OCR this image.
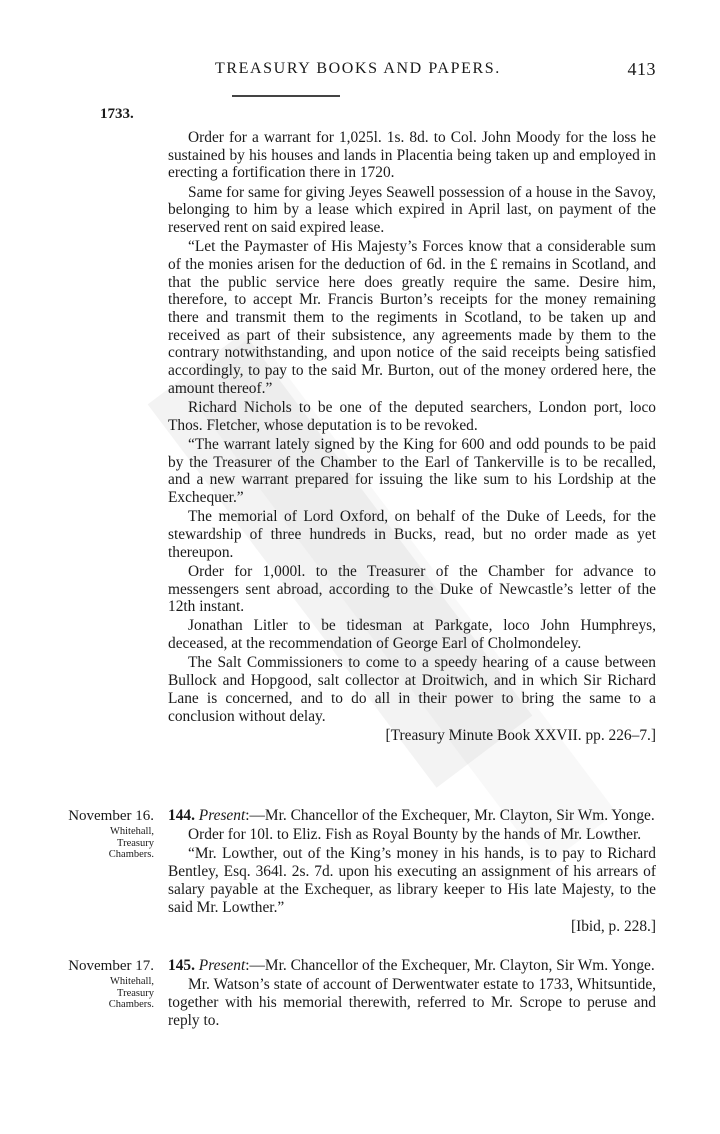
TREASURY BOOKS AND PAPERS.	413
1733.

Order for a warrant for 1,025l. 1s. 8d. to Col. John Moody for the loss he sustained by his houses and lands in Placentia being taken up and employed in erecting a fortification there in 1720.

Same for same for giving Jeyes Seawell possession of a house in the Savoy, belonging to him by a lease which expired in April last, on payment of the reserved rent on said expired lease.

“Let the Paymaster of His Majesty’s Forces know that a considerable sum of the monies arisen for the deduction of 6d. in the £ remains in Scotland, and that the public service here does greatly require the same. Desire him, therefore, to accept Mr. Francis Burton’s receipts for the money remaining there and transmit them to the regiments in Scotland, to be taken up and received as part of their subsistence, any agreements made by them to the contrary notwithstanding, and upon notice of the said receipts being satisfied accordingly, to pay to the said Mr. Burton, out of the money ordered here, the amount thereof.”

Richard Nichols to be one of the deputed searchers, London port, loco Thos. Fletcher, whose deputation is to be revoked.

“The warrant lately signed by the King for 600 and odd pounds to be paid by the Treasurer of the Chamber to the Earl of Tankerville is to be recalled, and a new warrant prepared for issuing the like sum to his Lordship at the Exchequer.”

The memorial of Lord Oxford, on behalf of the Duke of Leeds, for the stewardship of three hundreds in Bucks, read, but no order made as yet thereupon.

Order for 1,000l. to the Treasurer of the Chamber for advance to messengers sent abroad, according to the Duke of Newcastle’s letter of the 12th instant.

Jonathan Litler to be tidesman at Parkgate, loco John Humphreys, deceased, at the recommendation of George Earl of Cholmondeley.

The Salt Commissioners to come to a speedy hearing of a cause between Bullock and Hopgood, salt collector at Droitwich, and in which Sir Richard Lane is concerned, and to do all in their power to bring the same to a conclusion without delay.

[Treasury Minute Book XXVII. pp. 226–7.]

November 16.
Whitehall,
Treasury
Chambers.

144. Present:—Mr. Chancellor of the Exchequer, Mr. Clayton, Sir Wm. Yonge.

Order for 10l. to Eliz. Fish as Royal Bounty by the hands of Mr. Lowther.

“Mr. Lowther, out of the King’s money in his hands, is to pay to Richard Bentley, Esq. 364l. 2s. 7d. upon his executing an assignment of his arrears of salary payable at the Exchequer, as library keeper to His late Majesty, to the said Mr. Lowther.”

[Ibid, p. 228.]

November 17.
Whitehall,
Treasury
Chambers.

145. Present:—Mr. Chancellor of the Exchequer, Mr. Clayton, Sir Wm. Yonge.

Mr. Watson’s state of account of Derwentwater estate to 1733, Whitsuntide, together with his memorial therewith, referred to Mr. Scrope to peruse and reply to.
